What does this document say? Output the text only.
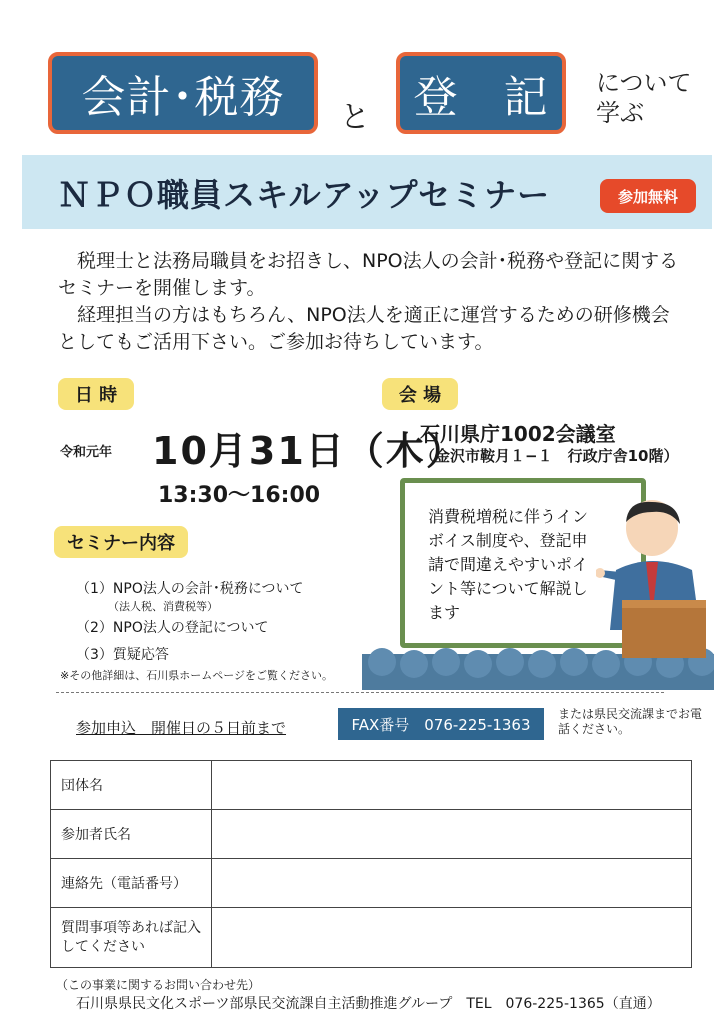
会計･税務 と 登　記 について
学ぶ
ＮＰＯ職員スキルアップセミナー	参加無料

税理士と法務局職員をお招きし、NPO法人の会計･税務や登記に関するセミナーを開催します。

経理担当の方はもちろん、NPO法人を適正に運営するための研修機会としてもご活用下さい。ご参加お待ちしています。

日 時
令和元年 10月31日（木）
13:30～16:00
会 場
石川県庁1002会議室
（金沢市鞍月１−１　行政庁舎10階）
セミナー内容
（1）NPO法人の会計･税務について
（法人税、消費税等）
（2）NPO法人の登記について
（3）質疑応答
※その他詳細は、石川県ホームページをご覧ください。
消費税増税に伴うインボイス制度や、登記申請で間違えやすいポイント等について解説します
参加申込　開催日の５日前まで	FAX番号　076-225-1363
または県民交流課までお電話ください。
団体名	
参加者氏名	
連絡先（電話番号）	
質問事項等あれば記入してください	
（この事業に関するお問い合わせ先）
石川県県民文化スポーツ部県民交流課自主活動推進グループ　TEL　076-225-1365（直通）
